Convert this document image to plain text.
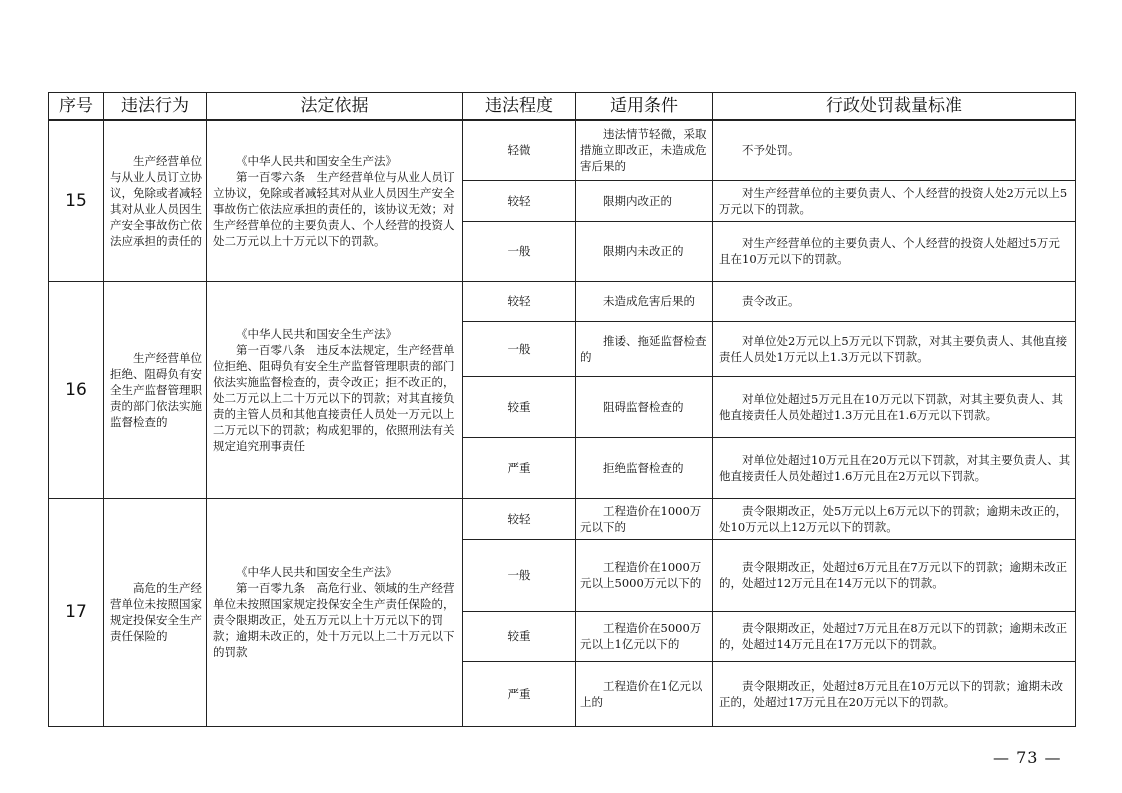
序号	违法行为	法定依据	违法程度	适用条件	行政处罚裁量标准
15	生产经营单位与从业人员订立协议，免除或者减轻其对从业人员因生产安全事故伤亡依法应承担的责任的	《中华人民共和国安全生产法》
第一百零六条　生产经营单位与从业人员订立协议，免除或者减轻其对从业人员因生产安全事故伤亡依法应承担的责任的，该协议无效；对生产经营单位的主要负责人、个人经营的投资人处二万元以上十万元以下的罚款。	轻微	违法情节轻微，采取措施立即改正，未造成危害后果的	不予处罚。

			较轻	限期内改正的	对生产经营单位的主要负责人、个人经营的投资人处2万元以上5万元以下的罚款。

			一般	限期内未改正的	对生产经营单位的主要负责人、个人经营的投资人处超过5万元且在10万元以下的罚款。

16	生产经营单位拒绝、阻碍负有安全生产监督管理职责的部门依法实施监督检查的	《中华人民共和国安全生产法》
第一百零八条　违反本法规定，生产经营单位拒绝、阻碍负有安全生产监督管理职责的部门依法实施监督检查的，责令改正；拒不改正的，处二万元以上二十万元以下的罚款；对其直接负责的主管人员和其他直接责任人员处一万元以上二万元以下的罚款；构成犯罪的，依照刑法有关规定追究刑事责任	较轻	未造成危害后果的	责令改正。

			一般	推诿、拖延监督检查的	对单位处2万元以上5万元以下罚款，对其主要负责人、其他直接责任人员处1万元以上1.3万元以下罚款。

			较重	阻碍监督检查的	对单位处超过5万元且在10万元以下罚款，对其主要负责人、其他直接责任人员处超过1.3万元且在1.6万元以下罚款。

			严重	拒绝监督检查的	对单位处超过10万元且在20万元以下罚款，对其主要负责人、其他直接责任人员处超过1.6万元且在2万元以下罚款。

17	高危的生产经营单位未按照国家规定投保安全生产责任保险的	《中华人民共和国安全生产法》
第一百零九条　高危行业、领域的生产经营单位未按照国家规定投保安全生产责任保险的，责令限期改正，处五万元以上十万元以下的罚款；逾期未改正的，处十万元以上二十万元以下的罚款	较轻	工程造价在1000万元以下的	责令限期改正，处5万元以上6万元以下的罚款；逾期未改正的，处10万元以上12万元以下的罚款。

			一般	工程造价在1000万元以上5000万元以下的	责令限期改正，处超过6万元且在7万元以下的罚款；逾期未改正的，处超过12万元且在14万元以下的罚款。

			较重	工程造价在5000万元以上1亿元以下的	责令限期改正，处超过7万元且在8万元以下的罚款；逾期未改正的，处超过14万元且在17万元以下的罚款。

			严重	工程造价在1亿元以上的	责令限期改正，处超过8万元且在10万元以下的罚款；逾期未改正的，处超过17万元且在20万元以下的罚款。
— 73 —
